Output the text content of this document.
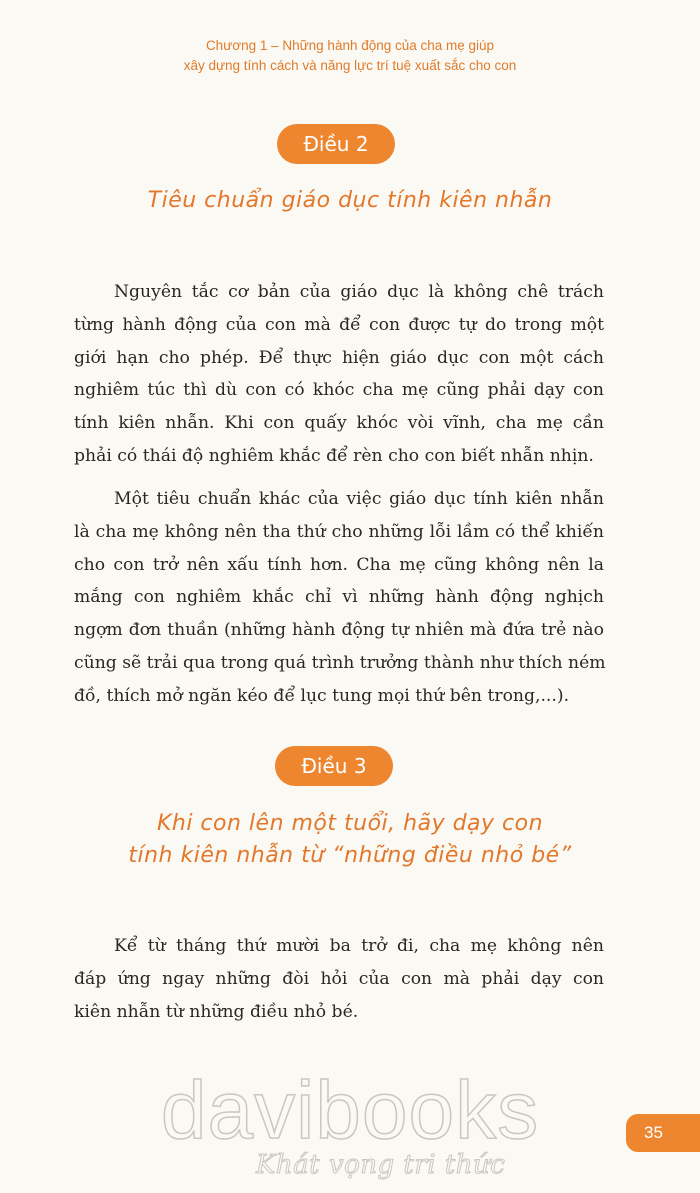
Chương 1 – Những hành động của cha mẹ giúp
xây dựng tính cách và năng lực trí tuệ xuất sắc cho con
Điều 2
Tiêu chuẩn giáo dục tính kiên nhẫn
Nguyên tắc cơ bản của giáo dục là không chê trách
từng hành động của con mà để con được tự do trong một
giới hạn cho phép. Để thực hiện giáo dục con một cách
nghiêm túc thì dù con có khóc cha mẹ cũng phải dạy con
tính kiên nhẫn. Khi con quấy khóc vòi vĩnh, cha mẹ cần
phải có thái độ nghiêm khắc để rèn cho con biết nhẫn nhịn.
Một tiêu chuẩn khác của việc giáo dục tính kiên nhẫn
là cha mẹ không nên tha thứ cho những lỗi lầm có thể khiến
cho con trở nên xấu tính hơn. Cha mẹ cũng không nên la
mắng con nghiêm khắc chỉ vì những hành động nghịch
ngợm đơn thuần (những hành động tự nhiên mà đứa trẻ nào
cũng sẽ trải qua trong quá trình trưởng thành như thích ném
đồ, thích mở ngăn kéo để lục tung mọi thứ bên trong,...).
Điều 3
Khi con lên một tuổi, hãy dạy con
tính kiên nhẫn từ “những điều nhỏ bé”
Kể từ tháng thứ mười ba trở đi, cha mẹ không nên
đáp ứng ngay những đòi hỏi của con mà phải dạy con
kiên nhẫn từ những điều nhỏ bé.
davibooks
Khát vọng tri thức
35
